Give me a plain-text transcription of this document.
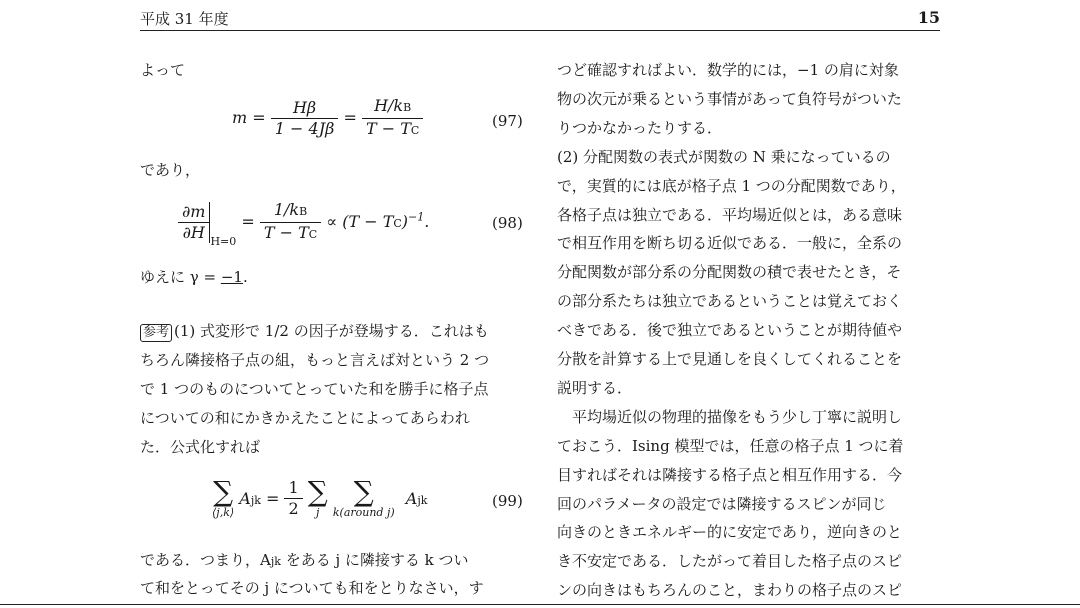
平成 31 年度	15
よって
$m = \frac{H\beta}{1 - 4J\beta} = \frac{H/kB}{T - TC}$	(97)
であり，
$\frac{\partial m}{\partial H} _{H=0} = \frac{1/kB}{T - TC} \propto (T - TC)^{-1}$.	(98)
ゆえに γ = −1.
参考 (1) 式変形で 1/2 の因子が登場する．これはも
ちろん隣接格子点の組，もっと言えば対という 2 つ
で 1 つのものについてとっていた和を勝手に格子点
についての和にかきかえたことによってあらわれ
た．公式化すれば
∑
⟨j,k⟩
Ajk = $\frac{1}{2}$ ∑
j
∑
k(around j)
Ajk	(99)
である．つまり，Ajk をある j に隣接する k つい
て和をとってその j についても和をとりなさい，す
つど確認すればよい．数学的には，−1 の肩に対象
物の次元が乗るという事情があって負符号がついた
りつかなかったりする．
(2) 分配関数の表式が関数の N 乗になっているの
で，実質的には底が格子点 1 つの分配関数であり，
各格子点は独立である．平均場近似とは，ある意味
で相互作用を断ち切る近似である．一般に，全系の
分配関数が部分系の分配関数の積で表せたとき，そ
の部分系たちは独立であるということは覚えておく
べきである．後で独立であるということが期待値や
分散を計算する上で見通しを良くしてくれることを
説明する．
　平均場近似の物理的描像をもう少し丁寧に説明し
ておこう．Ising 模型では，任意の格子点 1 つに着
目すればそれは隣接する格子点と相互作用する．今
回のパラメータの設定では隣接するスピンが同じ
向きのときエネルギー的に安定であり，逆向きのと
き不安定である．したがって着目した格子点のスピ
ンの向きはもちろんのこと，まわりの格子点のスピ
